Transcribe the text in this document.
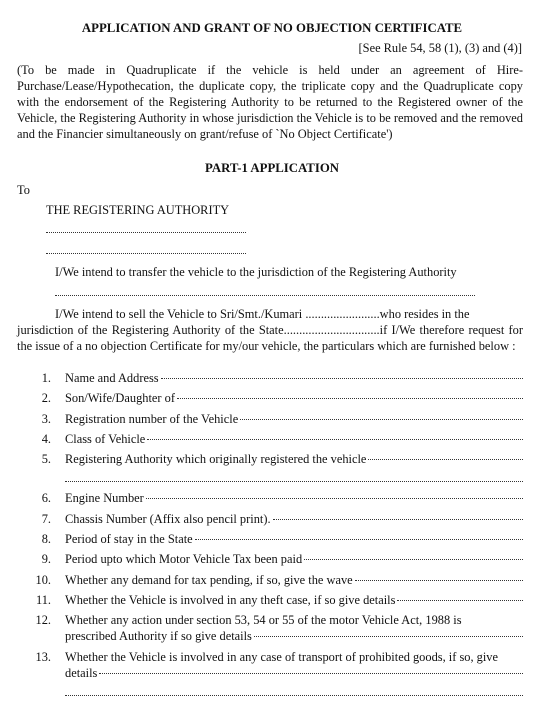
APPLICATION AND GRANT OF NO OBJECTION CERTIFICATE
[See Rule 54, 58 (1), (3) and (4)]
(To be made in Quadruplicate if the vehicle is held under an agreement of Hire-Purchase/Lease/Hypothecation, the duplicate copy, the triplicate copy and the Quadruplicate copy with the endorsement of the Registering Authority to be returned to the Registered owner of the Vehicle, the Registering Authority in whose jurisdiction the Vehicle is to be removed and the removed and the Financier simultaneously on grant/refuse of `No Object Certificate')
PART-1 APPLICATION
To
THE REGISTERING AUTHORITY
I/We intend to transfer the vehicle to the jurisdiction of the Registering Authority
I/We intend to sell the Vehicle to Sri/Smt./Kumari ........................who resides in the
jurisdiction of the Registering Authority of the State...............................if I/We therefore request for the issue of a no objection Certificate for my/our vehicle, the particulars which are furnished below :
1.	Name and Address
2.	Son/Wife/Daughter of
3.	Registration number of the Vehicle
4.	Class of Vehicle
5.	Registering Authority which originally registered the vehicle
6.	Engine Number
7.	Chassis Number (Affix also pencil print).
8.	Period of stay in the State
9.	Period upto which Motor Vehicle Tax been paid
10.	Whether any demand for tax pending, if so, give the wave
11.	Whether the Vehicle is involved in any theft case, if so give details
12.	Whether any action under section 53, 54 or 55 of the motor Vehicle Act, 1988 is
prescribed Authority if so give details
13.	Whether the Vehicle is involved in any case of transport of prohibited goods, if so, give
details
